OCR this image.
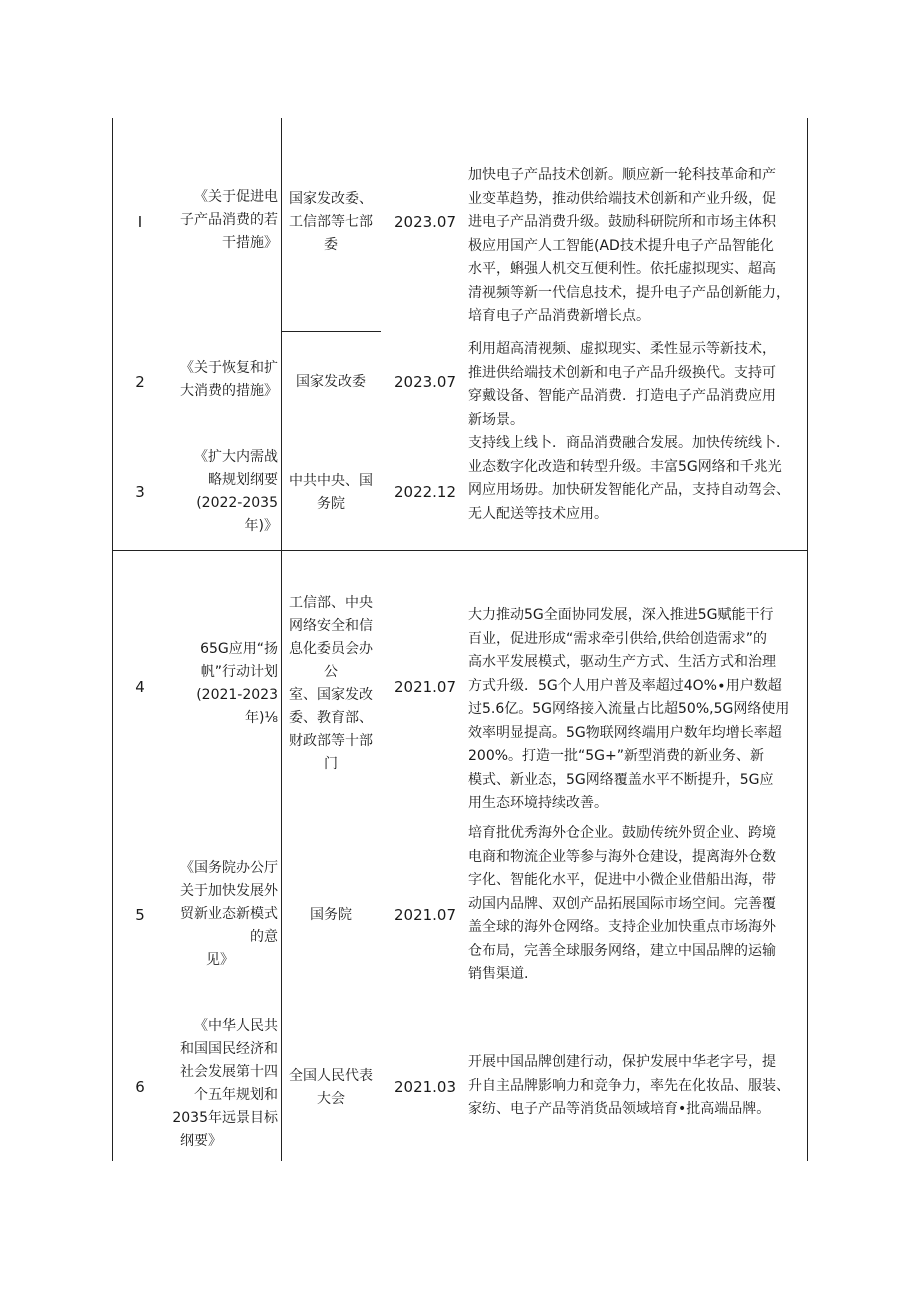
I
《关于促进电
子产品消费的若
干措施》
国家发改委、
工信部等七部
委
2023.07
加快电子产品技术创新。顺应新一轮科技革命和产
业变革趋势，推动供给端技术创新和产业升级，促
进电子产品消费升级。鼓励科研院所和市场主体积
极应用国产人工智能(AD技术提升电子产品智能化
水平，蝌强人机交互便利性。依托虚拟现实、超高
清视频等新一代信息技术，提升电子产品创新能力，
培育电子产品消费新增长点。
2
《关于恢复和扩
大消费的措施》
国家发改委	2023.07
利用超高清视频、虚拟现实、柔性显示等新技术，
推进供给端技术创新和电子产品升级换代。支持可
穿戴设备、智能产品消费．打造电子产品消费应用
新场景。
3
《扩大内需战
略规划纲要
(2022-2035
年)》
中共中央、国
务院
2022.12
支持线上线卜．商品消费融合发展。加快传统线卜．
业态数字化改造和转型升级。丰富5G网络和千兆光
网应用场毋。加快研发智能化产品，支持自动驾会、
无人配送等技术应用。
4
65G应用“扬
帆”行动计划
(2021-2023
年)⅛
工信部、中央
网络安全和信
息化委员会办
公
室、国家发改
委、教育部、
财政部等十部
门
2021.07
大力推动5G全面协同发展，深入推进5G赋能干行
百业，促进形成“需求牵引供给,供给创造需求”的
高水平发展模式，驱动生产方式、生活方式和治理
方式升级．5G个人用户普及率超过4O%∙用户数超
过5.6亿。5G网络接入流量占比超50%,5G网络使用
效率明显提高。5G物联网终端用户数年均增长率超
200%。打造一批“5G+”新型消费的新业务、新
模式、新业态，5G网络覆盖水平不断提升，5G应
用生态环境持续改善。
5
《国务院办公厅
关于加快发展外
贸新业态新模式
的意
见》
国务院	2021.07
培育批优秀海外仓企业。鼓励传统外贸企业、跨境
电商和物流企业等参与海外仓建设，提离海外仓数
字化、智能化水平，促进中小微企业借船出海，带
动国内品牌、双创产品拓展国际市场空间。完善覆
盖全球的海外仓网络。支持企业加快重点市场海外
仓布局，完善全球服务网络，建立中国品牌的运输
销售渠道.
6
《中华人民共
和国国民经济和
社会发展第十四
个五年规划和
2035年远景目标
纲要》
全国人民代表
大会
2021.03
开展中国品牌创建行动，保护发展中华老字号，提
升自主品牌影响力和竞争力，率先在化妆品、服装、
家纺、电子产品等消货品领域培育•批高端品牌。
